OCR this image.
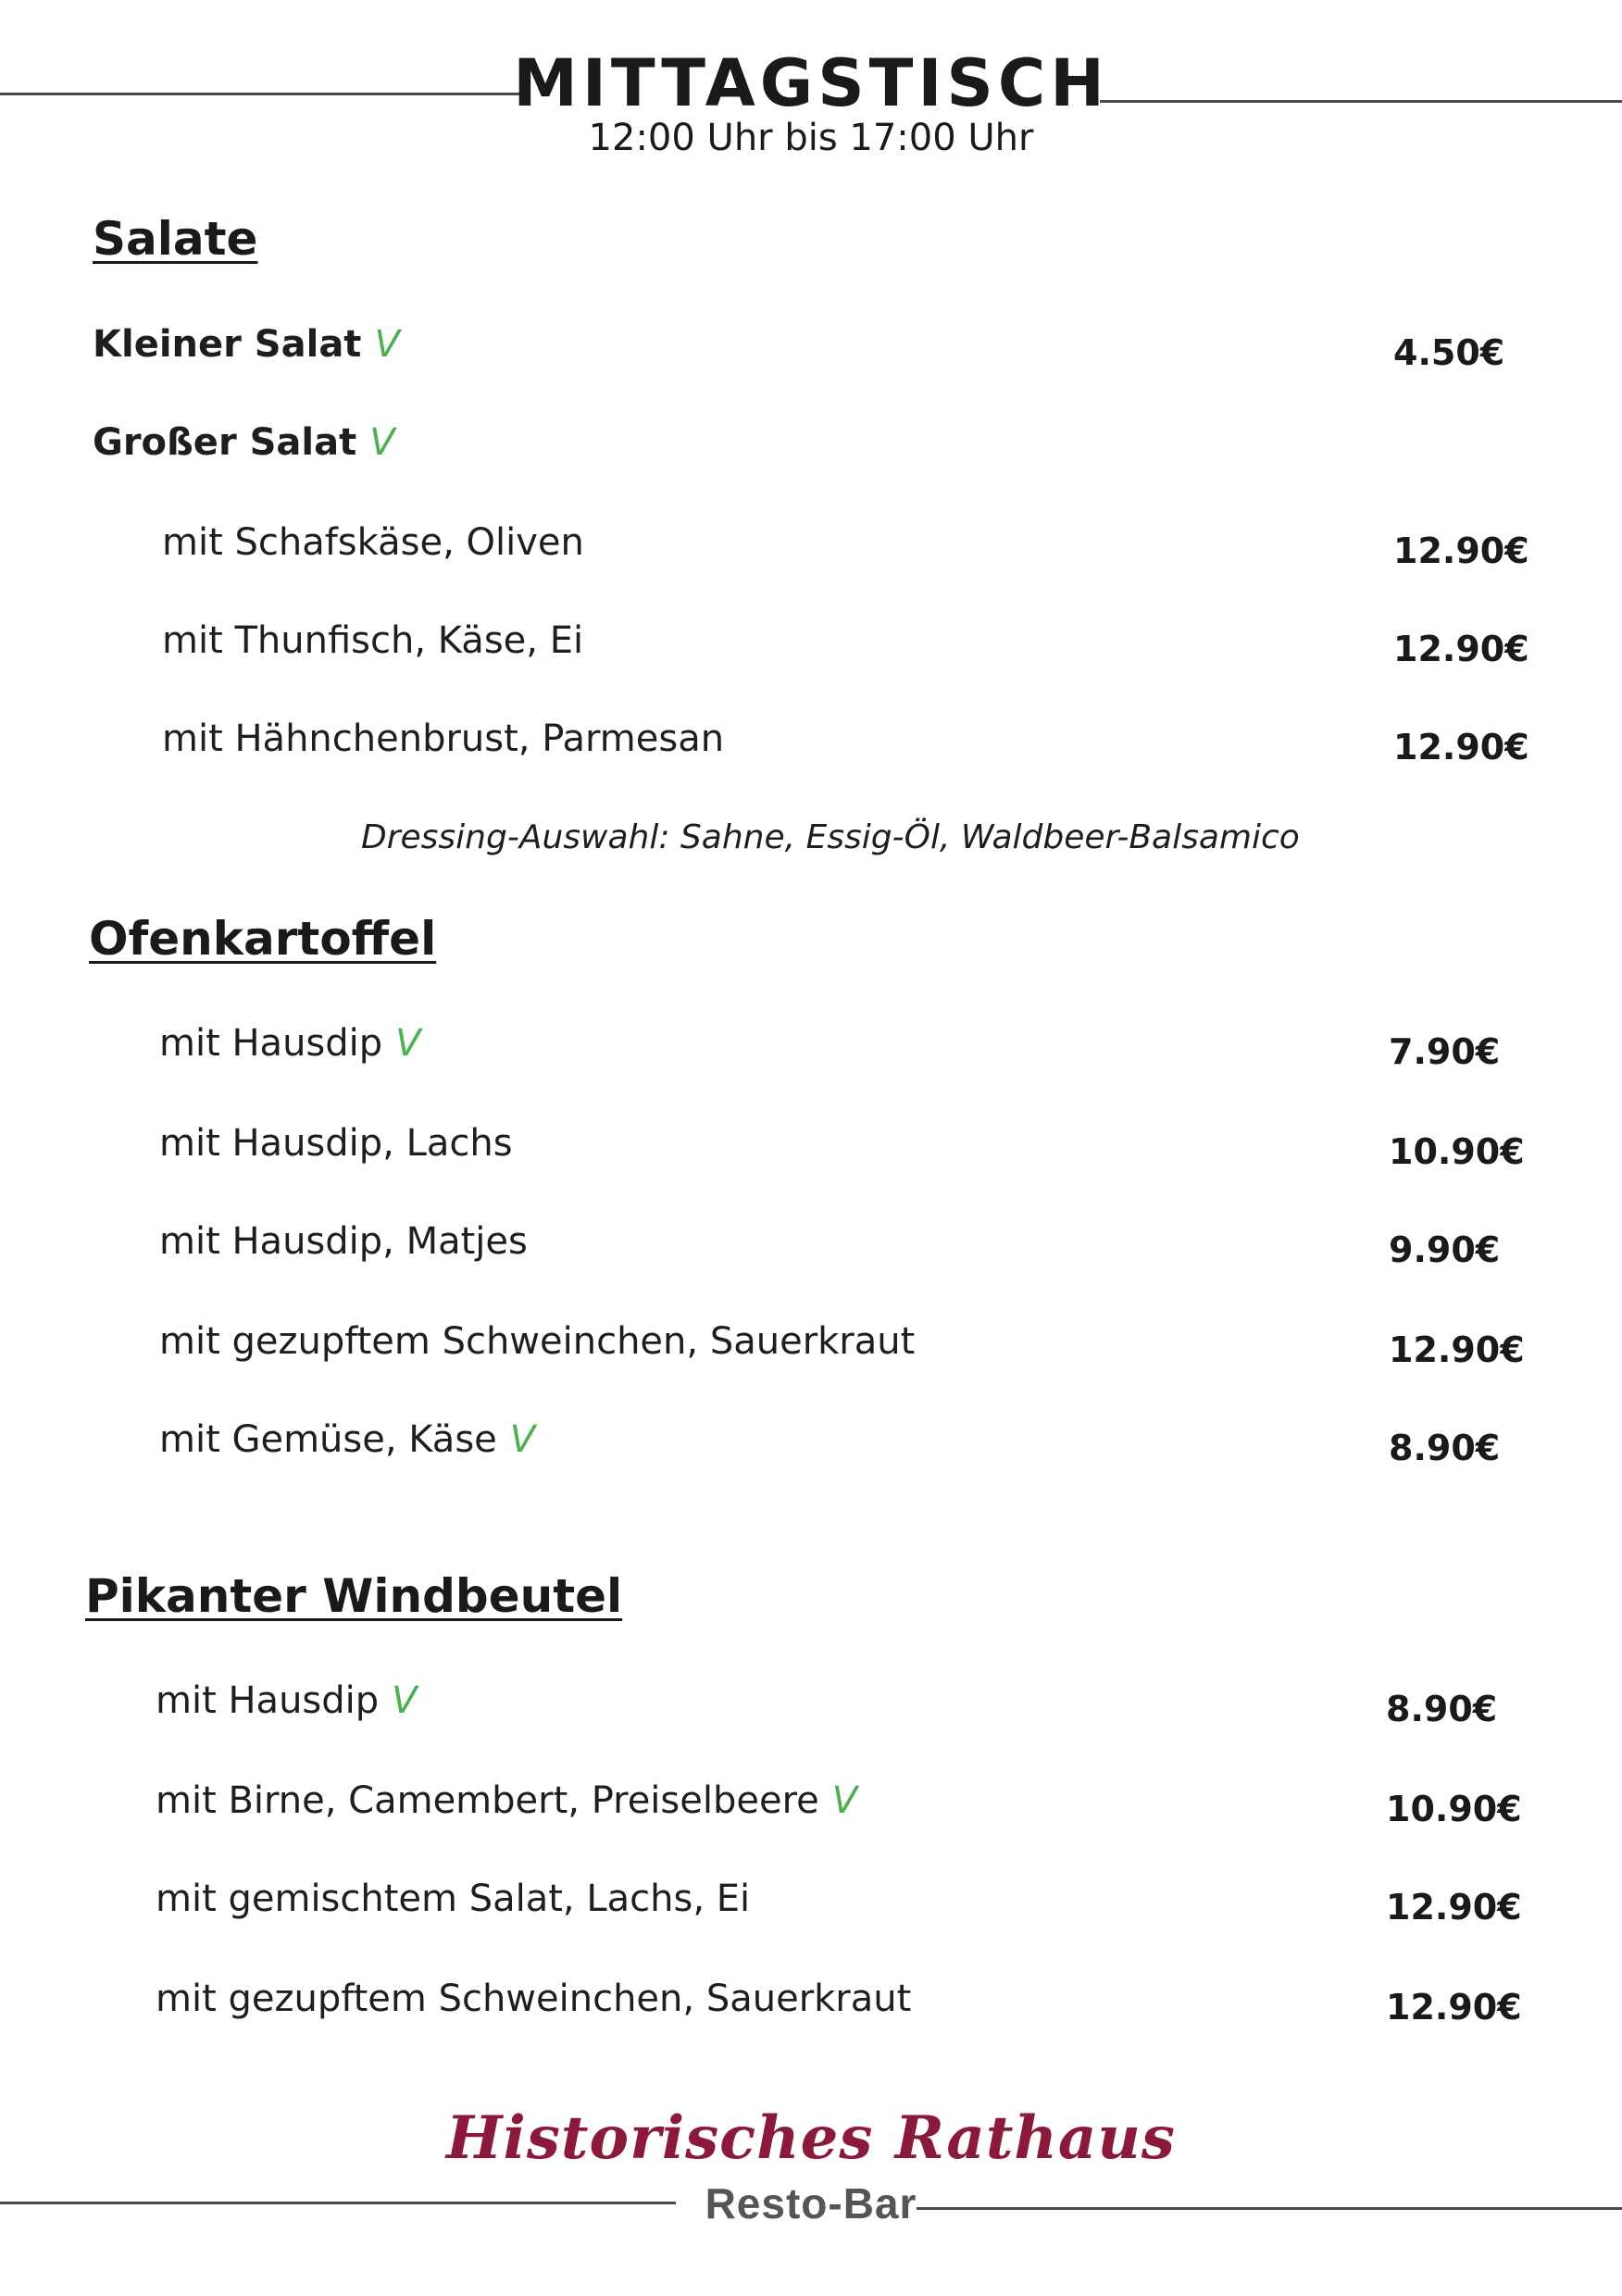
MITTAGSTISCH
12:00 Uhr bis 17:00 Uhr
Salate
Kleiner Salat V	4.50€
Großer Salat V
mit Schafskäse, Oliven	12.90€
mit Thunfisch, Käse, Ei	12.90€
mit Hähnchenbrust, Parmesan	12.90€
Dressing-Auswahl: Sahne, Essig-Öl, Waldbeer-Balsamico
Ofenkartoffel
mit Hausdip V	7.90€
mit Hausdip, Lachs	10.90€
mit Hausdip, Matjes	9.90€
mit gezupftem Schweinchen, Sauerkraut	12.90€
mit Gemüse, Käse V	8.90€
Pikanter Windbeutel
mit Hausdip V	8.90€
mit Birne, Camembert, Preiselbeere V	10.90€
mit gemischtem Salat, Lachs, Ei	12.90€
mit gezupftem Schweinchen, Sauerkraut	12.90€
Historisches Rathaus
Resto-Bar
